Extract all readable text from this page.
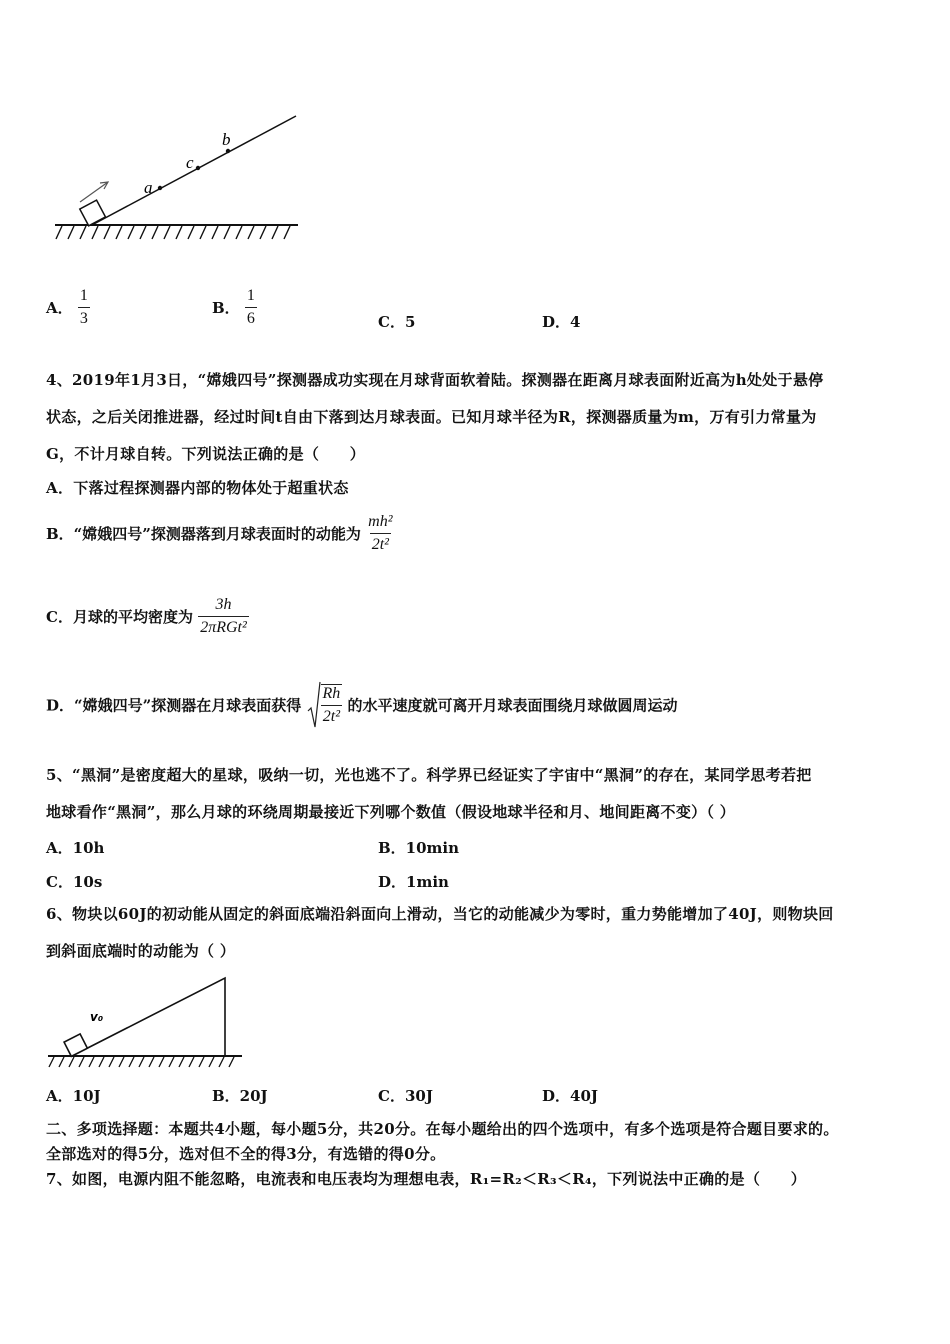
a
c
b
A． $\frac{1}{3}$	B． $\frac{1}{6}$	C．5	D．4
4、2019年1月3日，“嫦娥四号”探测器成功实现在月球背面软着陆。探测器在距离月球表面附近高为h处处于悬停
状态，之后关闭推进器，经过时间t自由下落到达月球表面。已知月球半径为R，探测器质量为m，万有引力常量为
G，不计月球自转。下列说法正确的是（　　）
A．下落过程探测器内部的物体处于超重状态
B．“嫦娥四号”探测器落到月球表面时的动能为 $\frac{\text{mh²}}{\text{2t²}}$
C．月球的平均密度为 $\frac{3h}{\text{2πRGt²}}$
D．“嫦娥四号”探测器在月球表面获得 $\frac{Rh}{\text{2t²}}$ 的水平速度就可离开月球表面围绕月球做圆周运动
5、“黑洞”是密度超大的星球，吸纳一切，光也逃不了。科学界已经证实了宇宙中“黑洞”的存在，某同学思考若把
地球看作“黑洞”，那么月球的环绕周期最接近下列哪个数值（假设地球半径和月、地间距离不变）（ ）
A．10h	B．10min
C．10s	D．1min
6、物块以60J的初动能从固定的斜面底端沿斜面向上滑动，当它的动能减少为零时，重力势能增加了40J，则物块回
到斜面底端时的动能为（ ）
v₀
A．10J	B．20J	C．30J	D．40J
二、多项选择题：本题共4小题，每小题5分，共20分。在每小题给出的四个选项中，有多个选项是符合题目要求的。
全部选对的得5分，选对但不全的得3分，有选错的得0分。
7、如图，电源内阻不能忽略，电流表和电压表均为理想电表，R₁=R₂＜R₃＜R₄，下列说法中正确的是（　　）
